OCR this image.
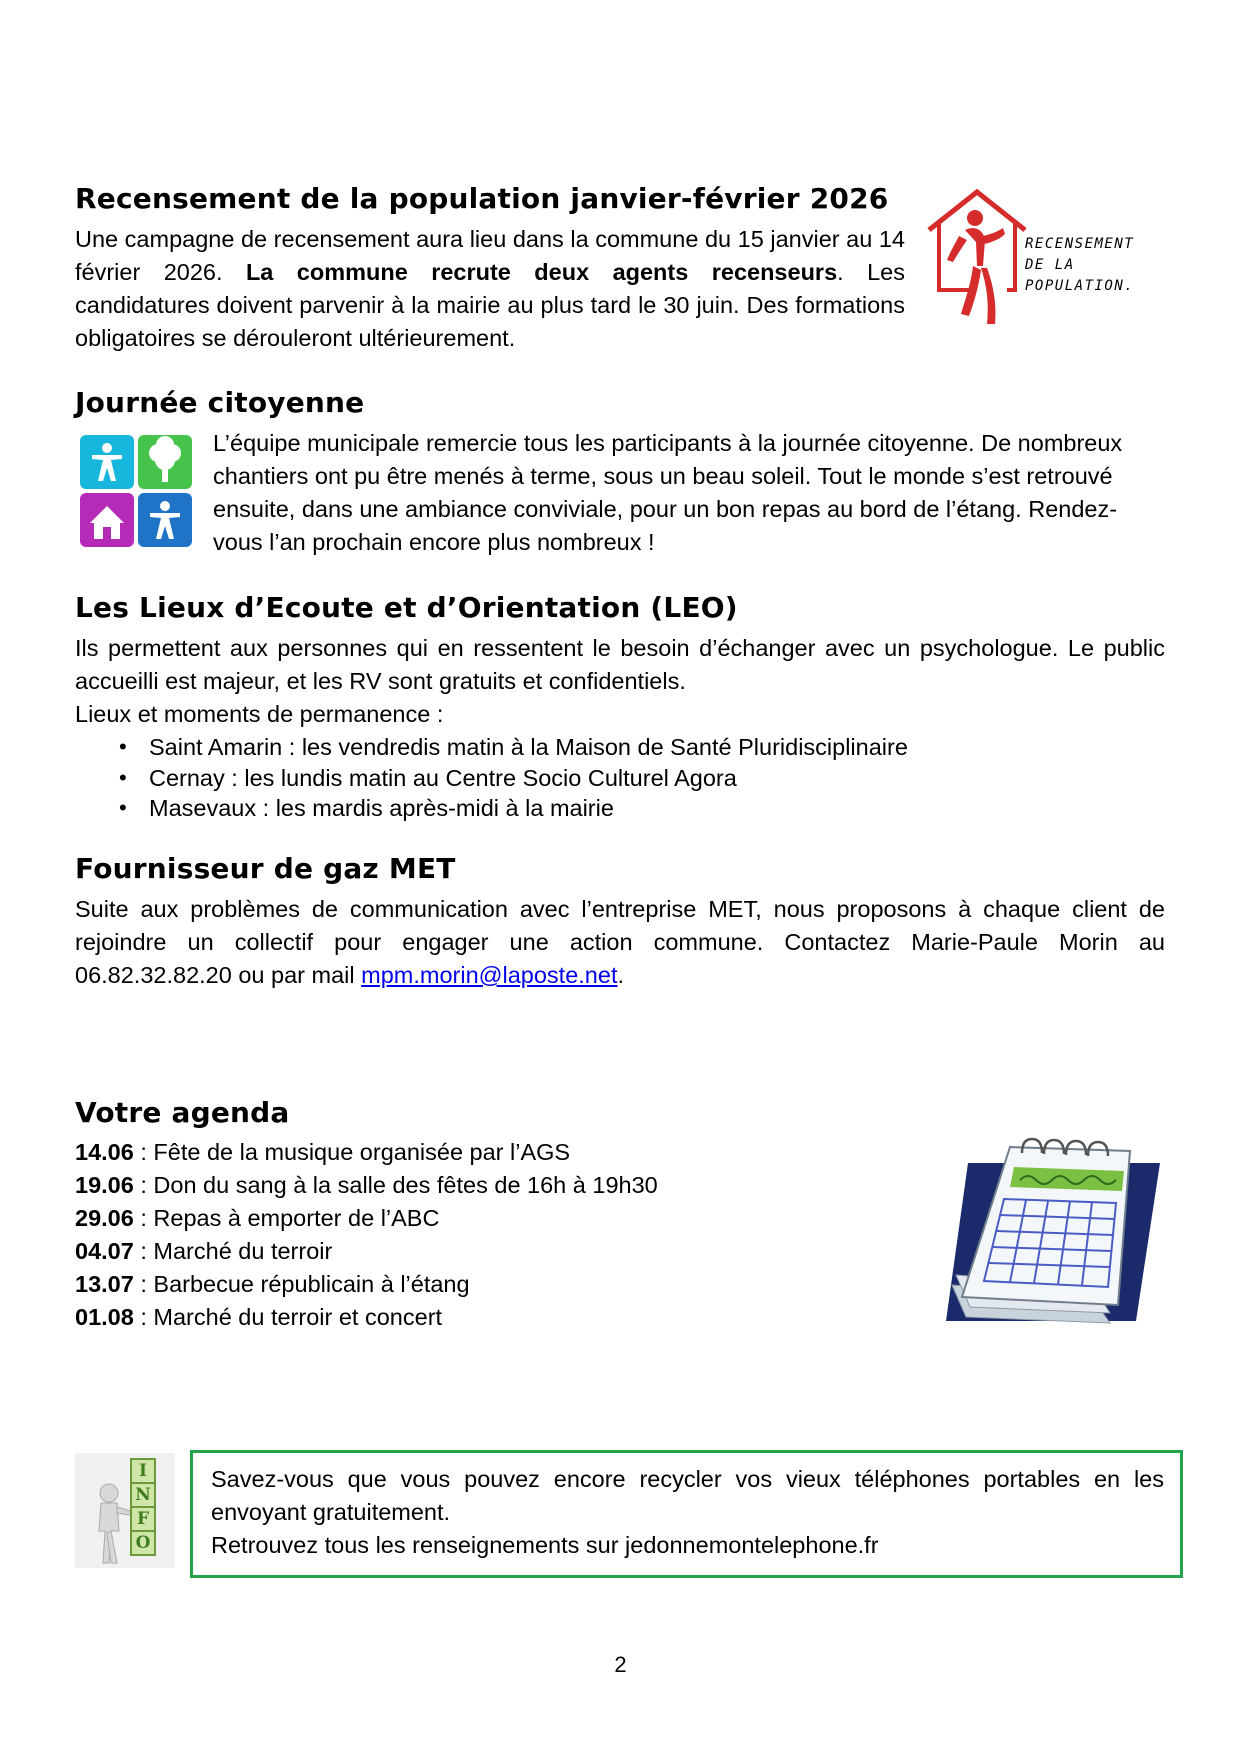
Recensement de la population janvier-février 2026

Une campagne de recensement aura lieu dans la commune du 15 janvier au 14 février 2026. La commune recrute deux agents recenseurs. Les candidatures doivent parvenir à la mairie au plus tard le 30 juin. Des formations obligatoires se dérouleront ultérieurement.

RECENSEMENT
DE LA
POPULATION.
Journée citoyenne

L’équipe municipale remercie tous les participants à la journée citoyenne. De nombreux chantiers ont pu être menés à terme, sous un beau soleil. Tout le monde s’est retrouvé ensuite, dans une ambiance conviviale, pour un bon repas au bord de l’étang. Rendez-vous l’an prochain encore plus nombreux !

Les Lieux d’Ecoute et d’Orientation (LEO)

Ils permettent aux personnes qui en ressentent le besoin d’échanger avec un psychologue. Le public accueilli est majeur, et les RV sont gratuits et confidentiels.

Lieux et moments de permanence :

• Saint Amarin : les vendredis matin à la Maison de Santé Pluridisciplinaire
• Cernay : les lundis matin au Centre Socio Culturel Agora
• Masevaux : les mardis après-midi à la mairie
Fournisseur de gaz MET

Suite aux problèmes de communication avec l’entreprise MET, nous proposons à chaque client de rejoindre un collectif pour engager une action commune. Contactez Marie-Paule Morin au 06.82.32.82.20 ou par mail mpm.morin@laposte.net.

Votre agenda
14.06 : Fête de la musique organisée par l’AGS
19.06 : Don du sang à la salle des fêtes de 16h à 19h30
29.06 : Repas à emporter de l’ABC
04.07 : Marché du terroir
13.07 : Barbecue républicain à l’étang
01.08 : Marché du terroir et concert
I
N
F
O

Savez-vous que vous pouvez encore recycler vos vieux téléphones portables en les envoyant gratuitement.

Retrouvez tous les renseignements sur jedonnemontelephone.fr

2
